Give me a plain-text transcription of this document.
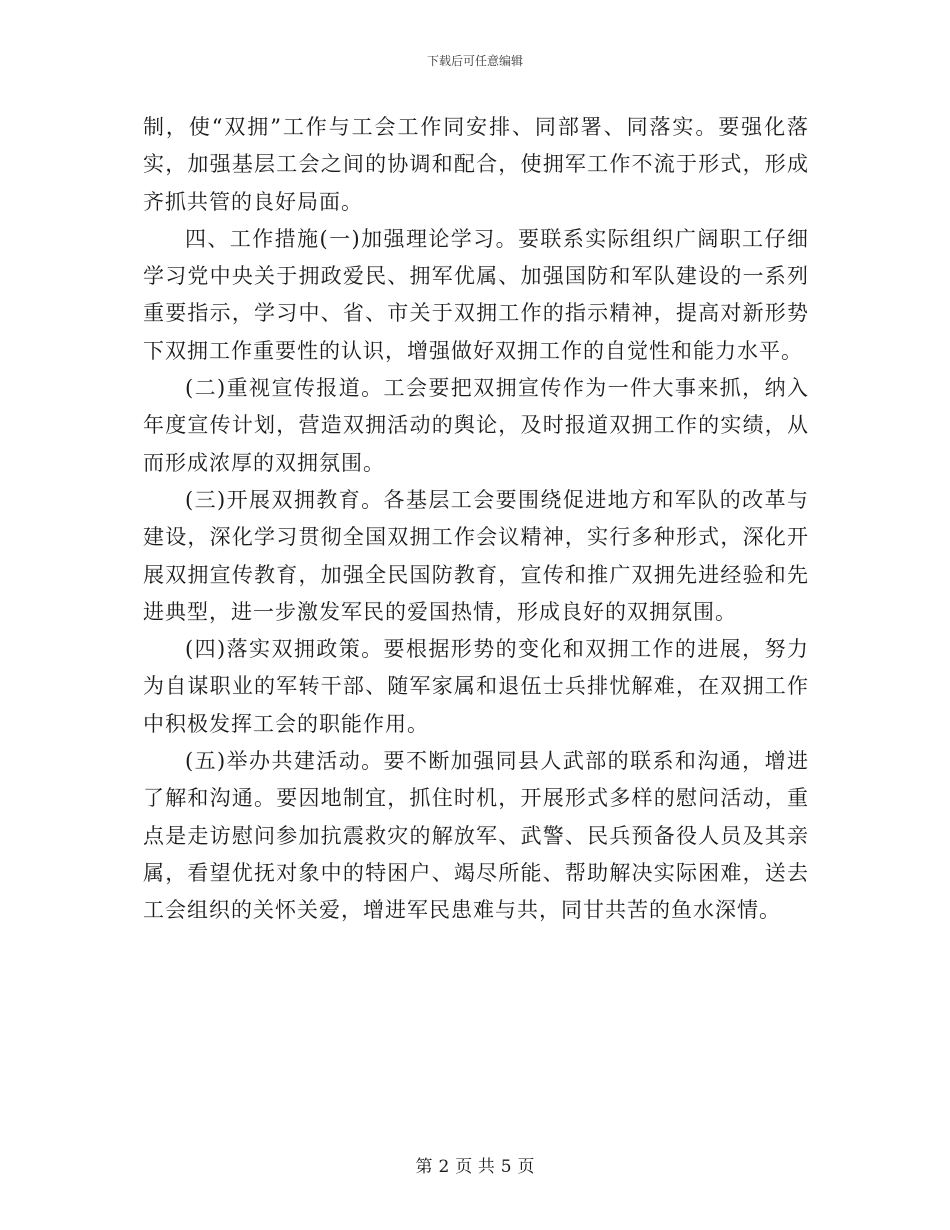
下载后可任意编辑

制，使“双拥”工作与工会工作同安排、同部署、同落实。要强化落实，加强基层工会之间的协调和配合，使拥军工作不流于形式，形成齐抓共管的良好局面。

四、工作措施(一)加强理论学习。要联系实际组织广阔职工仔细学习党中央关于拥政爱民、拥军优属、加强国防和军队建设的一系列重要指示，学习中、省、市关于双拥工作的指示精神，提高对新形势下双拥工作重要性的认识，增强做好双拥工作的自觉性和能力水平。

(二)重视宣传报道。工会要把双拥宣传作为一件大事来抓，纳入年度宣传计划，营造双拥活动的舆论，及时报道双拥工作的实绩，从而形成浓厚的双拥氛围。

(三)开展双拥教育。各基层工会要围绕促进地方和军队的改革与建设，深化学习贯彻全国双拥工作会议精神，实行多种形式，深化开展双拥宣传教育，加强全民国防教育，宣传和推广双拥先进经验和先进典型，进一步激发军民的爱国热情，形成良好的双拥氛围。

(四)落实双拥政策。要根据形势的变化和双拥工作的进展，努力为自谋职业的军转干部、随军家属和退伍士兵排忧解难，在双拥工作中积极发挥工会的职能作用。

(五)举办共建活动。要不断加强同县人武部的联系和沟通，增进了解和沟通。要因地制宜，抓住时机，开展形式多样的慰问活动，重点是走访慰问参加抗震救灾的解放军、武警、民兵预备役人员及其亲属，看望优抚对象中的特困户、竭尽所能、帮助解决实际困难，送去工会组织的关怀关爱，增进军民患难与共，同甘共苦的鱼水深情。

第 2 页 共 5 页
